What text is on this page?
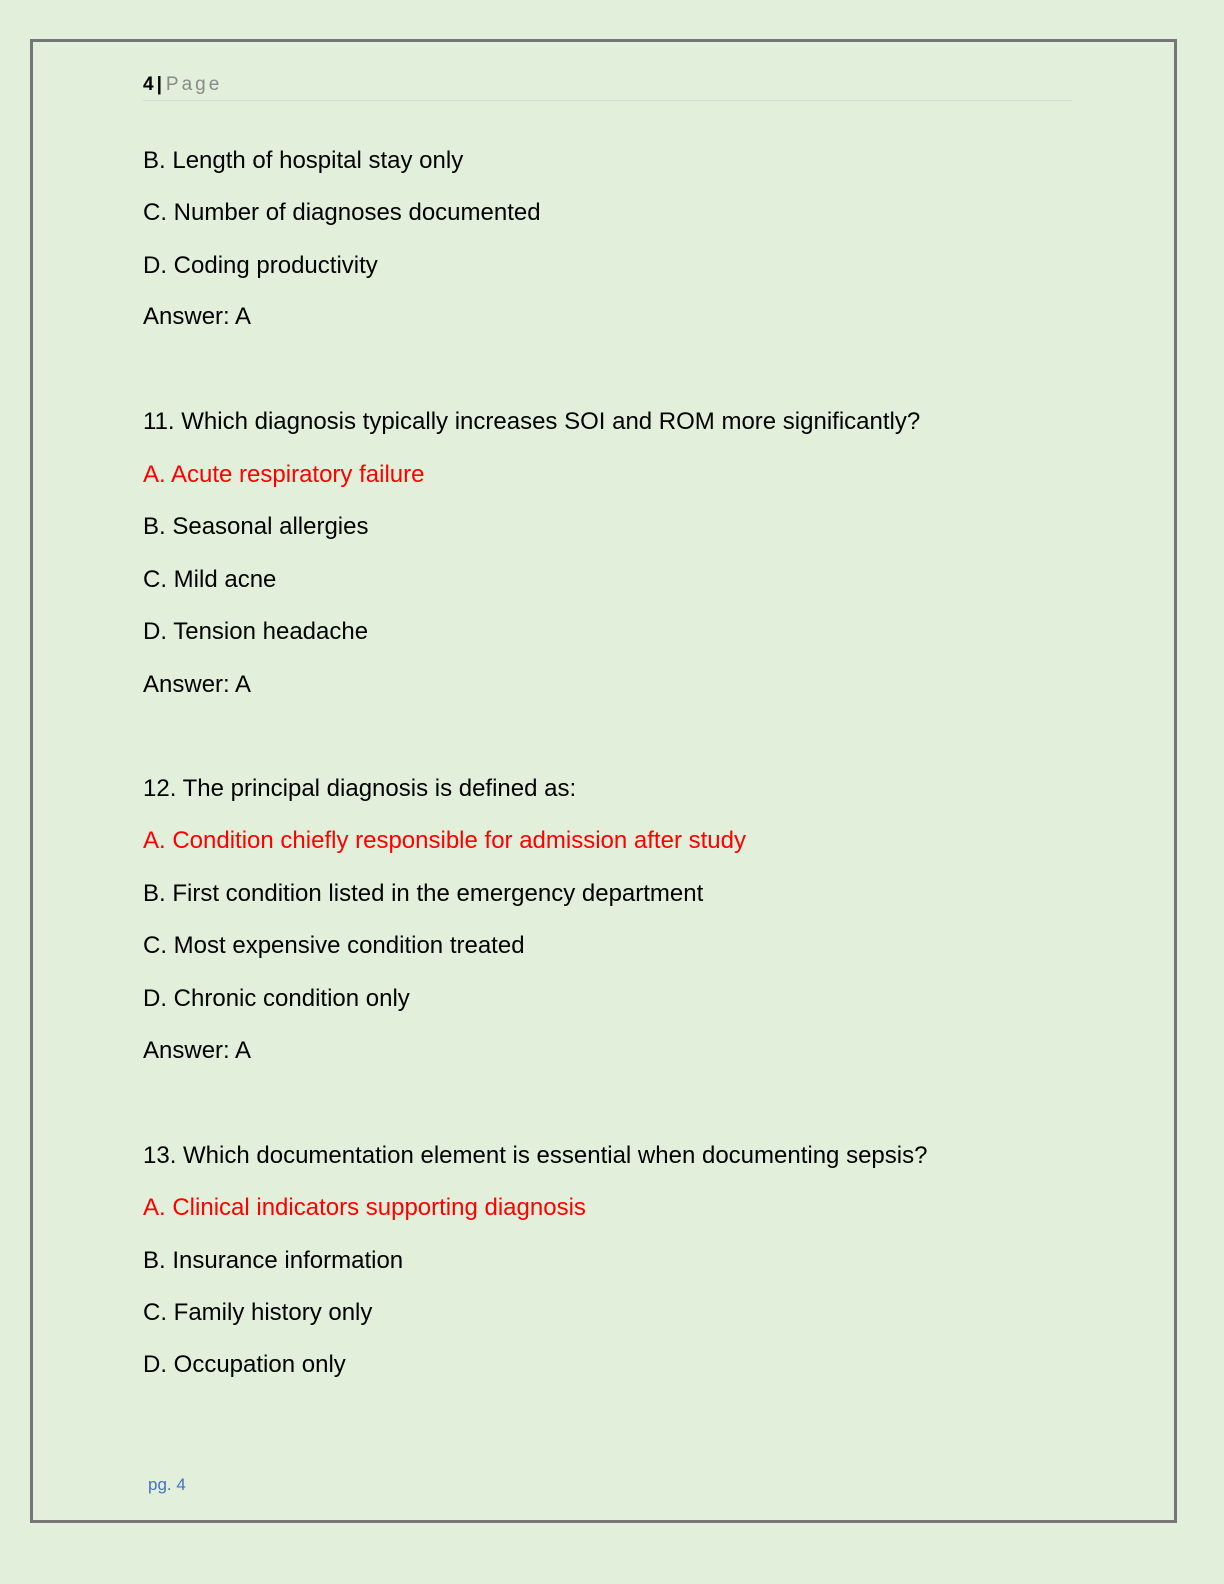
4 | Page

B. Length of hospital stay only

C. Number of diagnoses documented

D. Coding productivity

Answer: A

11. Which diagnosis typically increases SOI and ROM more significantly?

A. Acute respiratory failure

B. Seasonal allergies

C. Mild acne

D. Tension headache

Answer: A

12. The principal diagnosis is defined as:

A. Condition chiefly responsible for admission after study

B. First condition listed in the emergency department

C. Most expensive condition treated

D. Chronic condition only

Answer: A

13. Which documentation element is essential when documenting sepsis?

A. Clinical indicators supporting diagnosis

B. Insurance information

C. Family history only

D. Occupation only

pg. 4
